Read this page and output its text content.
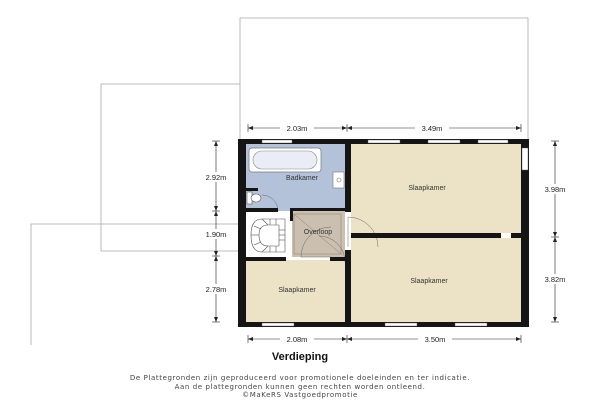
Badkamer
Slaapkamer
Overloop
Slaapkamer
Slaapkamer
2.03m	3.49m
2.08m	3.50m
2.92m
1.90m
2.78m
3.98m
3.82m
Verdieping
De Plattegronden zijn geproduceerd voor promotionele doeleinden en ter indicatie.
Aan de plattegronden kunnen geen rechten worden ontleend.
©MaKeRS Vastgoedpromotie
